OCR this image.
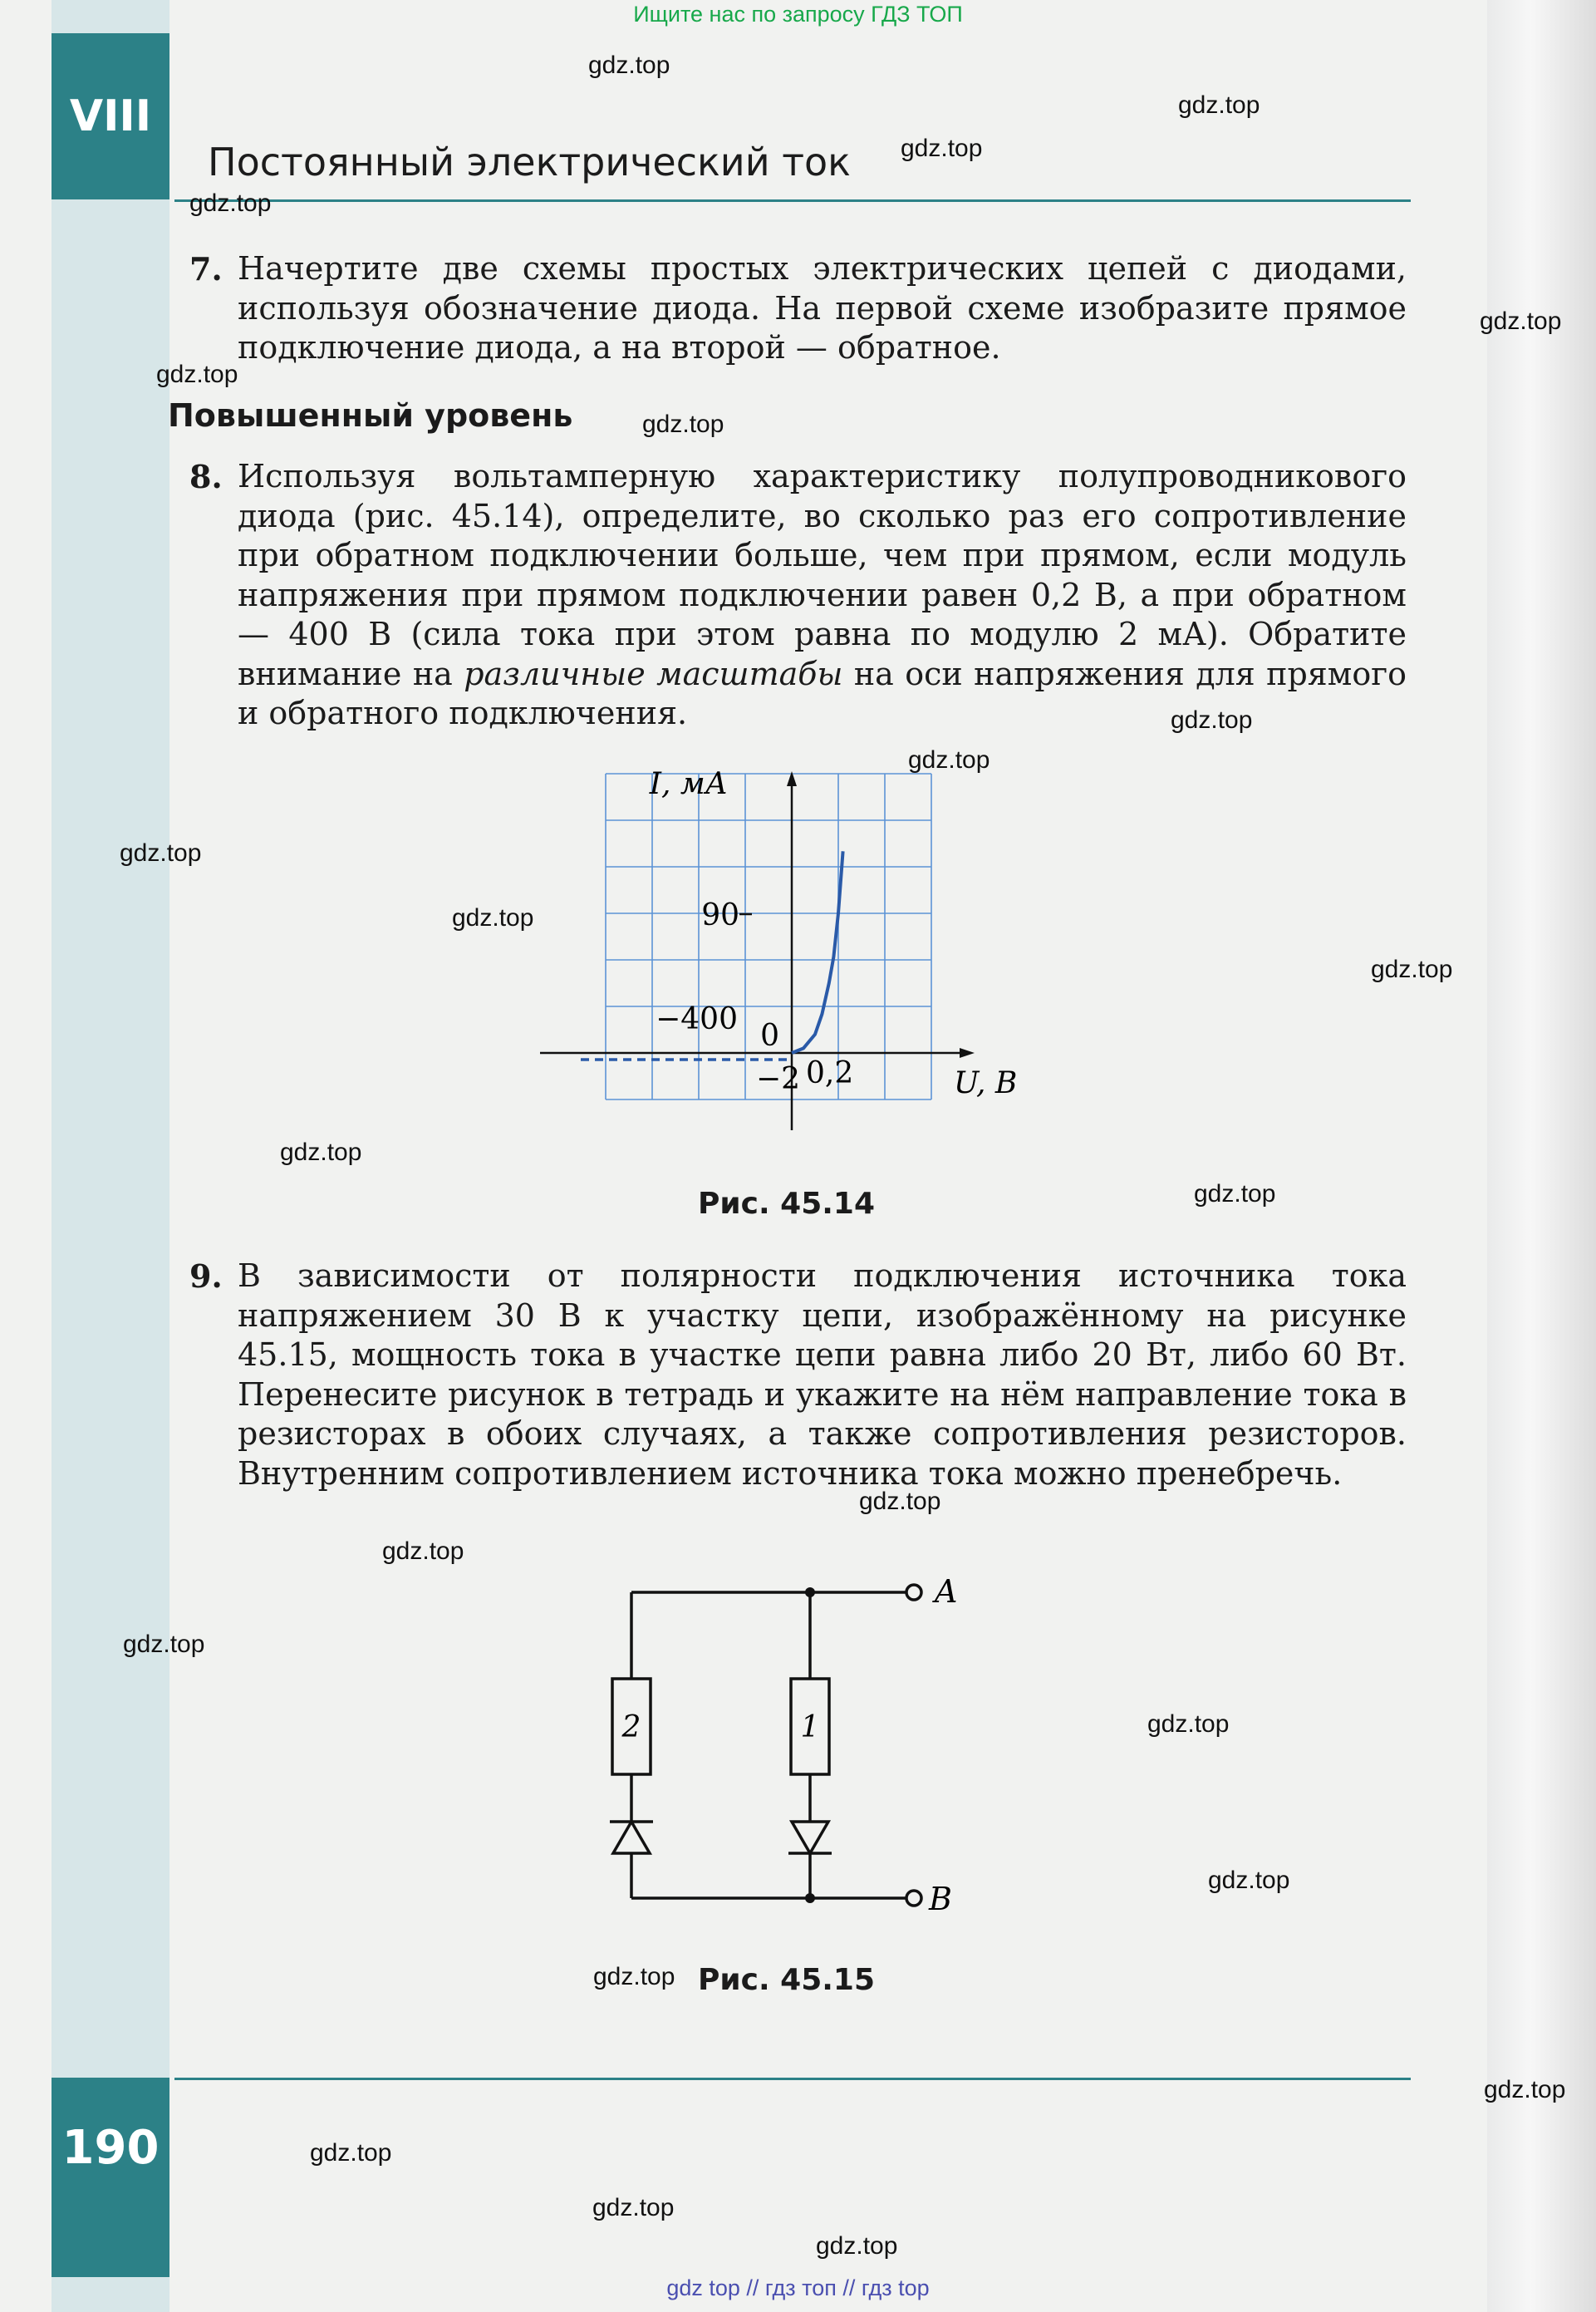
VIII
190
Ищите нас по запросу ГДЗ ТОП
gdz top // гдз топ // гдз top
Постоянный электрический ток
7. Начертите две схемы простых электрических цепей с диодами, используя обозначение диода. На первой схеме изобразите прямое подключение диода, а на второй — обратное.
Повышенный уровень
8. Используя вольтамперную характеристику полупроводникового диода (рис. 45.14), определите, во сколько раз его сопротивление при обратном подключении больше, чем при прямом, если модуль напряжения при прямом подключении равен 0,2 В, а при обратном — 400 В (сила тока при этом равна по модулю 2 мА). Обратите внимание на различные масштабы на оси напряжения для прямого и обратного подключения.
I, мА
90
−400 0
−2 0,2	U, В
Рис. 45.14
9. В зависимости от полярности подключения источника тока напряжением 30 В к участку цепи, изображённому на рисунке 45.15, мощность тока в участке цепи равна либо 20 Вт, либо 60 Вт. Перенесите рисунок в тетрадь и укажите на нём направление тока в резисторах в обоих случаях, а также сопротивления резисторов. Внутренним сопротивлением источника тока можно пренебречь.
2	1
A
B
Рис. 45.15
gdz.top
gdz.top
gdz.top
gdz.top
gdz.top
gdz.top
gdz.top
gdz.top
gdz.top
gdz.top
gdz.top
gdz.top
gdz.top
gdz.top
gdz.top
gdz.top
gdz.top
gdz.top
gdz.top
gdz.top
gdz.top
gdz.top
gdz.top
gdz.top
